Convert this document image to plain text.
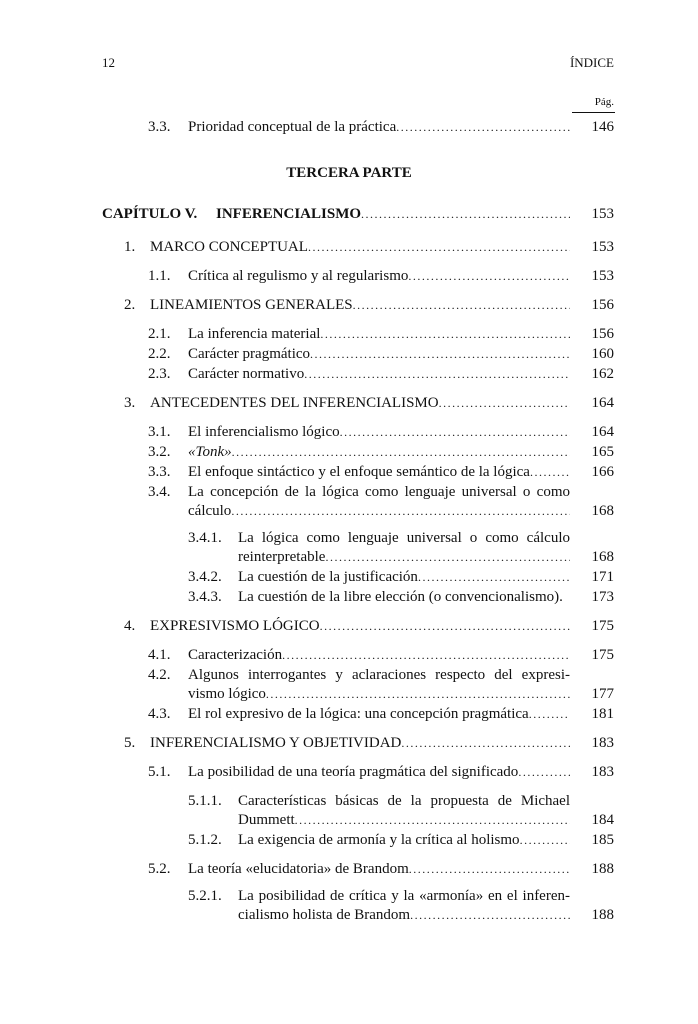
12	ÍNDICE
Pág.
3.3. Prioridad conceptual de la práctica .....	146
TERCERA PARTE
CAPÍTULO V. INFERENCIALISMO .....	153
1. MARCO CONCEPTUAL .....	153
1.1. Crítica al regulismo y al regularismo .....	153
2. LINEAMIENTOS GENERALES .....	156
2.1. La inferencia material .....	156
2.2. Carácter pragmático .....	160
2.3. Carácter normativo .....	162
3. ANTECEDENTES DEL INFERENCIALISMO .....	164
3.1. El inferencialismo lógico .....	164
3.2. «Tonk» .....	165
3.3. El enfoque sintáctico y el enfoque semántico de la lógica .....	166
3.4. La concepción de la lógica como lenguaje universal o como
cálculo .....	168
3.4.1. La lógica como lenguaje universal o como cálculo
reinterpretable .....	168
3.4.2. La cuestión de la justificación .....	171
3.4.3. La cuestión de la libre elección (o convencionalismo).	173
4. EXPRESIVISMO LÓGICO .....	175
4.1. Caracterización .....	175
4.2. Algunos interrogantes y aclaraciones respecto del expresi-
vismo lógico .....	177
4.3. El rol expresivo de la lógica: una concepción pragmática .....	181
5. INFERENCIALISMO Y OBJETIVIDAD .....	183
5.1. La posibilidad de una teoría pragmática del significado .....	183
5.1.1. Características básicas de la propuesta de Michael
Dummett .....	184
5.1.2. La exigencia de armonía y la crítica al holismo .....	185
5.2. La teoría «elucidatoria» de Brandom .....	188
5.2.1. La posibilidad de crítica y la «armonía» en el inferen-
cialismo holista de Brandom .....	188
